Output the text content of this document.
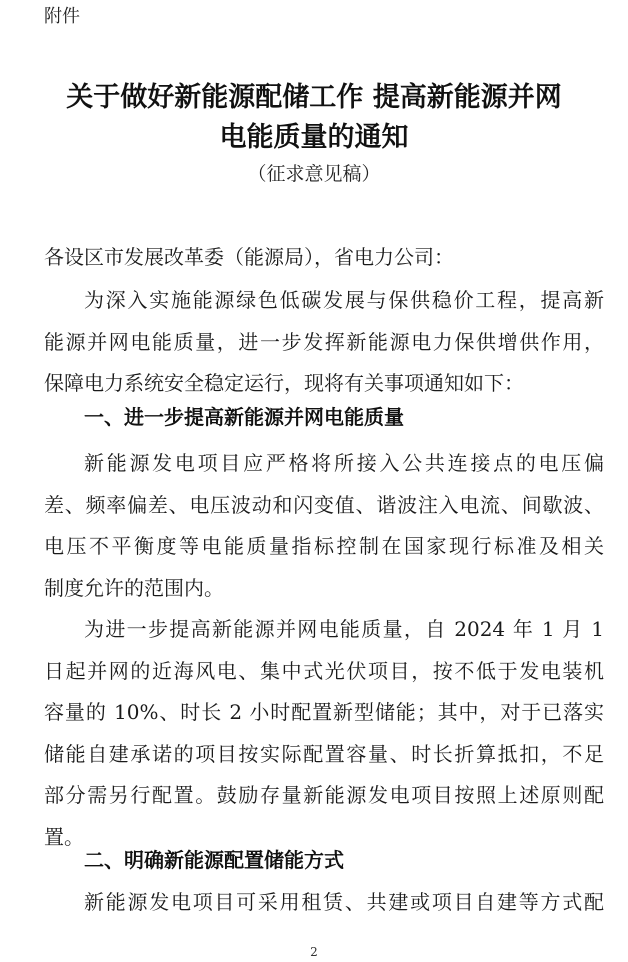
附件
关于做好新能源配储工作 提高新能源并网
电能质量的通知
（征求意见稿）
各设区市发展改革委（能源局），省电力公司：
为深入实施能源绿色低碳发展与保供稳价工程，提高新
能源并网电能质量，进一步发挥新能源电力保供增供作用，
保障电力系统安全稳定运行，现将有关事项通知如下：
一、进一步提高新能源并网电能质量
新能源发电项目应严格将所接入公共连接点的电压偏
差、频率偏差、电压波动和闪变值、谐波注入电流、间歇波、
电压不平衡度等电能质量指标控制在国家现行标准及相关
制度允许的范围内。
为进一步提高新能源并网电能质量，自 2024 年 1 月 1
日起并网的近海风电、集中式光伏项目，按不低于发电装机
容量的 10%、时长 2 小时配置新型储能；其中，对于已落实
储能自建承诺的项目按实际配置容量、时长折算抵扣，不足
部分需另行配置。鼓励存量新能源发电项目按照上述原则配
置。
二、明确新能源配置储能方式
新能源发电项目可采用租赁、共建或项目自建等方式配
2
